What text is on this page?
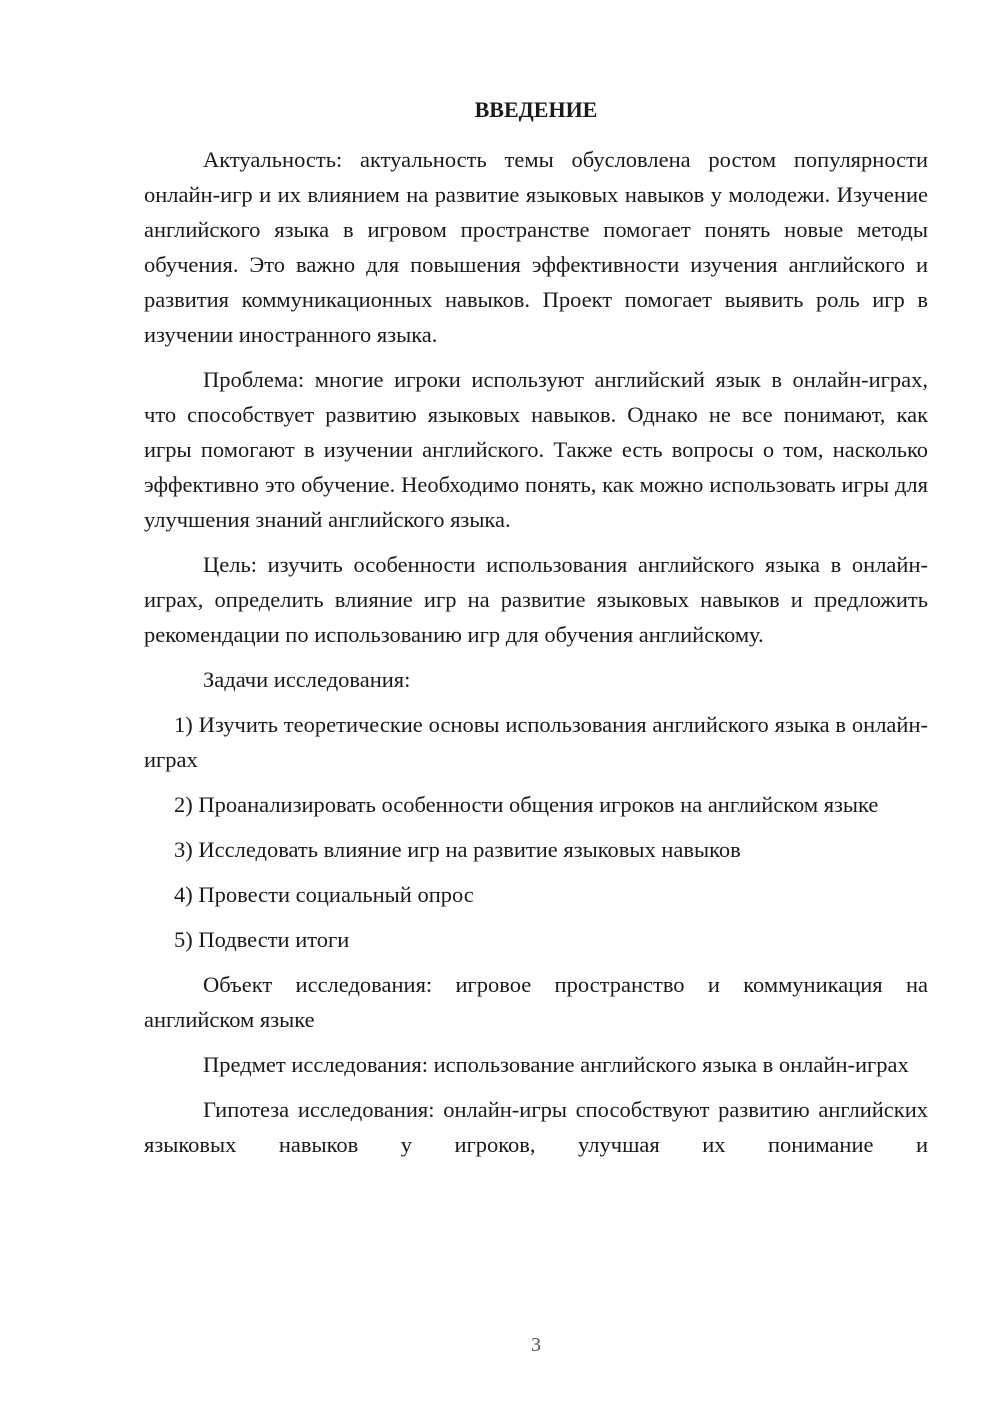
ВВЕДЕНИЕ

Актуальность: актуальность темы обусловлена ростом популярности онлайн-игр и их влиянием на развитие языковых навыков у молодежи. Изучение английского языка в игровом пространстве помогает понять новые методы обучения. Это важно для повышения эффективности изучения английского и развития коммуникационных навыков. Проект помогает выявить роль игр в изучении иностранного языка.

Проблема: многие игроки используют английский язык в онлайн-играх, что способствует развитию языковых навыков. Однако не все понимают, как игры помогают в изучении английского. Также есть вопросы о том, насколько эффективно это обучение. Необходимо понять, как можно использовать игры для улучшения знаний английского языка.

Цель: изучить особенности использования английского языка в онлайн-играх, определить влияние игр на развитие языковых навыков и предложить рекомендации по использованию игр для обучения английскому.

Задачи исследования:

1) Изучить теоретические основы использования английского языка в онлайн-играх

2) Проанализировать особенности общения игроков на английском языке

3) Исследовать влияние игр на развитие языковых навыков

4) Провести социальный опрос

5) Подвести итоги

Объект исследования: игровое пространство и коммуникация на английском языке

Предмет исследования: использование английского языка в онлайн-играх

Гипотеза исследования: онлайн-игры способствуют развитию английских языковых навыков у игроков, улучшая их понимание и

3
